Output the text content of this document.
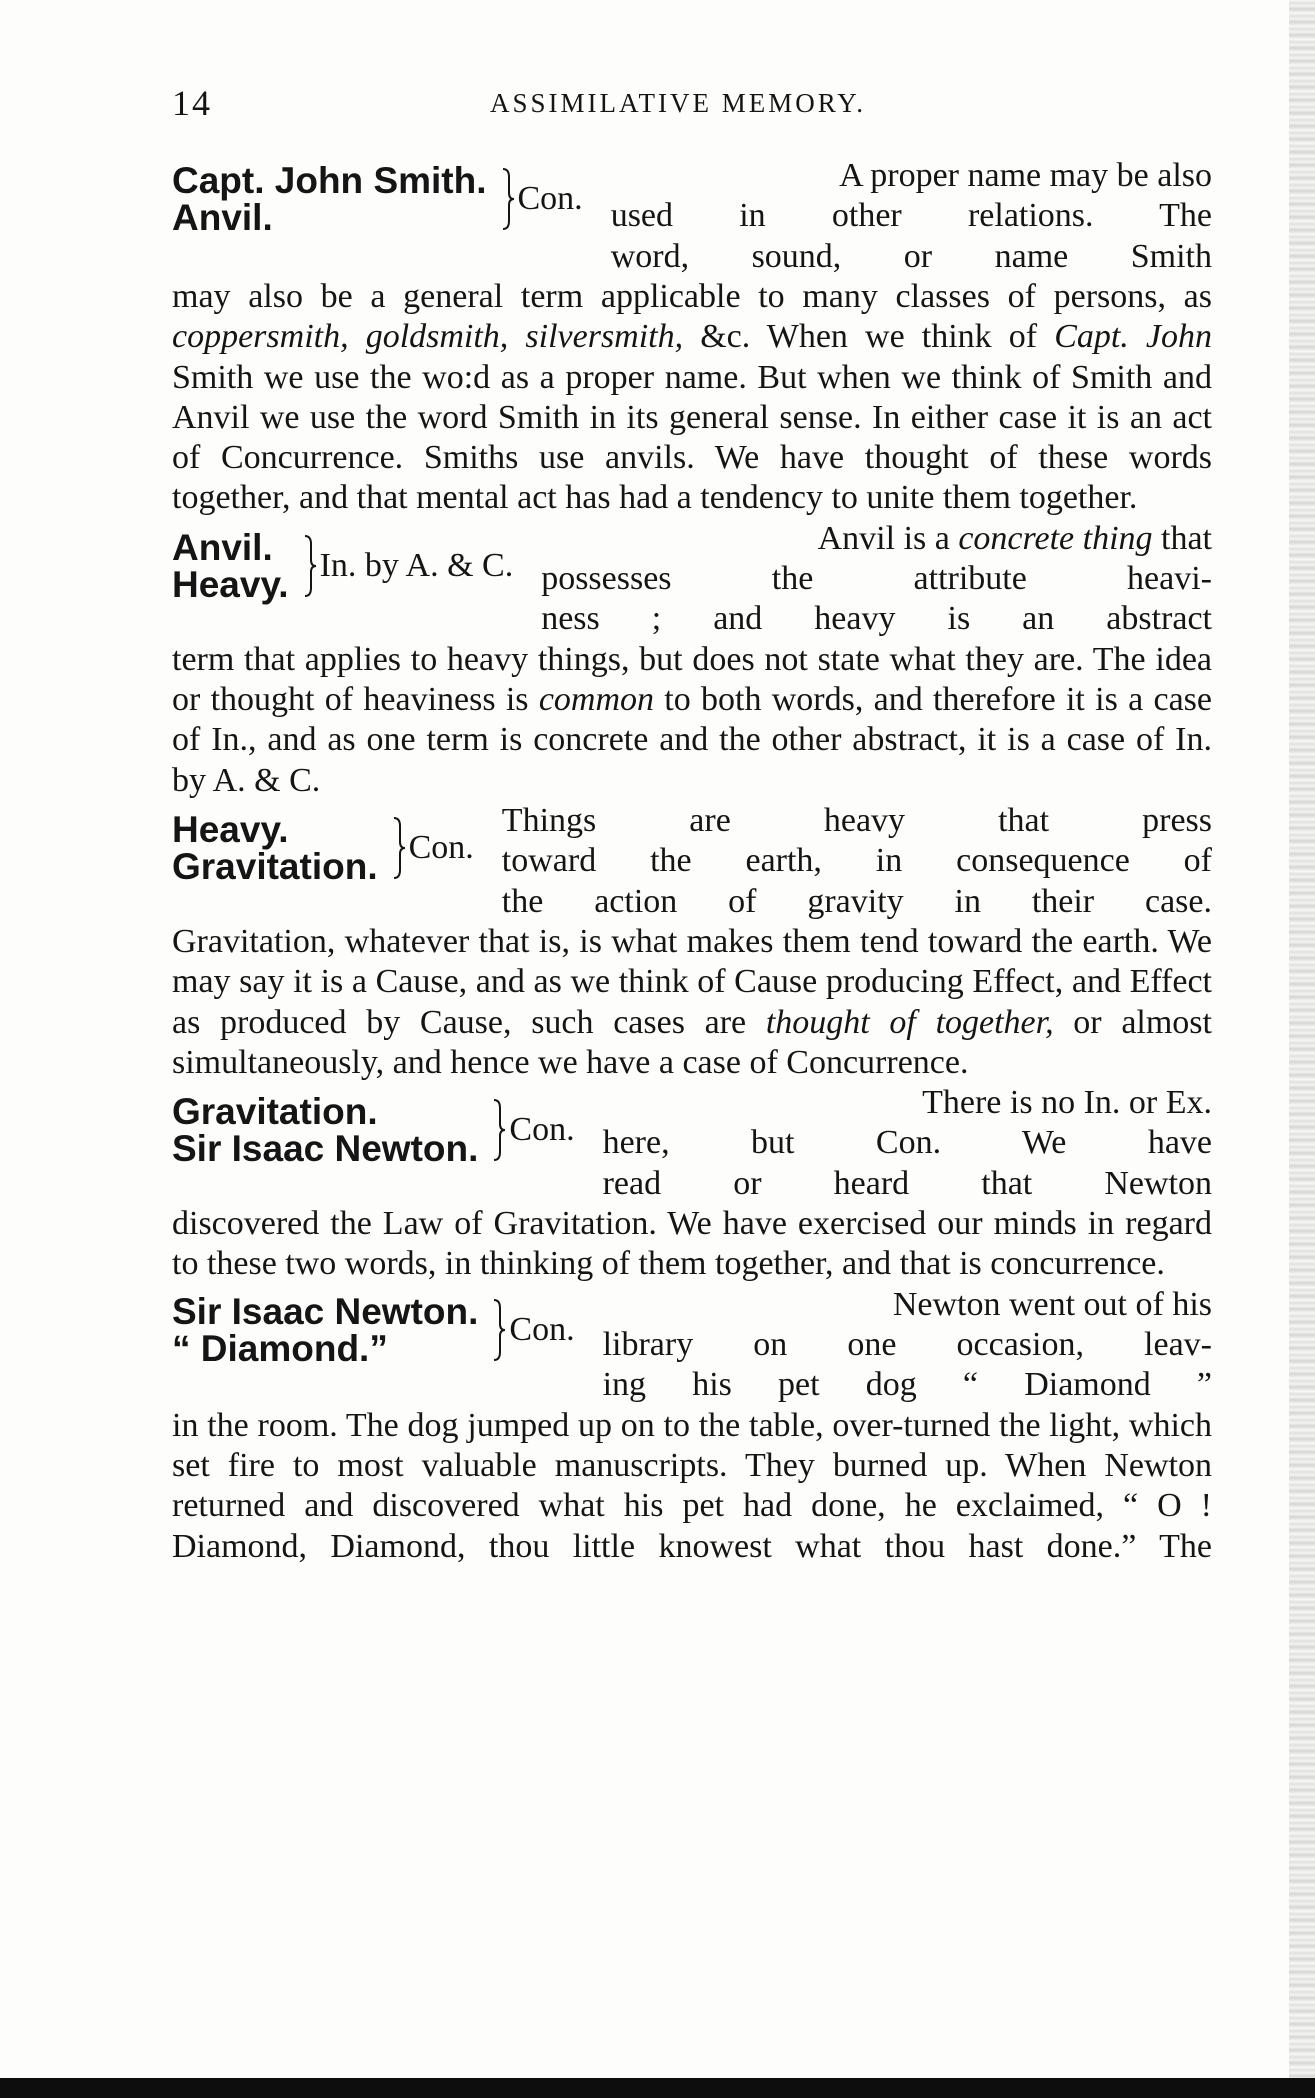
14	ASSIMILATIVE MEMORY.
Capt. John Smith.
Anvil.	Con.
A proper name may be also
used in other relations. The
word, sound, or name Smith

may also be a general term applicable to many classes of persons, as coppersmith, goldsmith, silversmith, &c. When we think of Capt. John Smith we use the wo:d as a proper name. But when we think of Smith and Anvil we use the word Smith in its general sense. In either case it is an act of Concurrence. Smiths use anvils. We have thought of these words together, and that mental act has had a tendency to unite them together.

Anvil.
Heavy. In. by A. & C.
Anvil is a concrete thing that
possesses the attribute heavi-
ness ; and heavy is an abstract

term that applies to heavy things, but does not state what they are. The idea or thought of heaviness is common to both words, and therefore it is a case of In., and as one term is concrete and the other abstract, it is a case of In. by A. & C.

Heavy.
Gravitation. Con.
Things are heavy that press
toward the earth, in consequence of
the action of gravity in their case.

Gravitation, whatever that is, is what makes them tend toward the earth. We may say it is a Cause, and as we think of Cause producing Effect, and Effect as produced by Cause, such cases are thought of together, or almost simultaneously, and hence we have a case of Concurrence.

Gravitation.
Sir Isaac Newton. Con.
There is no In. or Ex.
here, but Con. We have
read or heard that Newton

discovered the Law of Gravitation. We have exercised our minds in regard to these two words, in thinking of them together, and that is concurrence.

Sir Isaac Newton.
“ Diamond.”	Con.
Newton went out of his
library on one occasion, leav-
ing his pet dog “ Diamond ”

in the room. The dog jumped up on to the table, over-turned the light, which set fire to most valuable manuscripts. They burned up. When Newton returned and discovered what his pet had done, he exclaimed, “ O ! Diamond, Diamond, thou little knowest what thou hast done.” The
